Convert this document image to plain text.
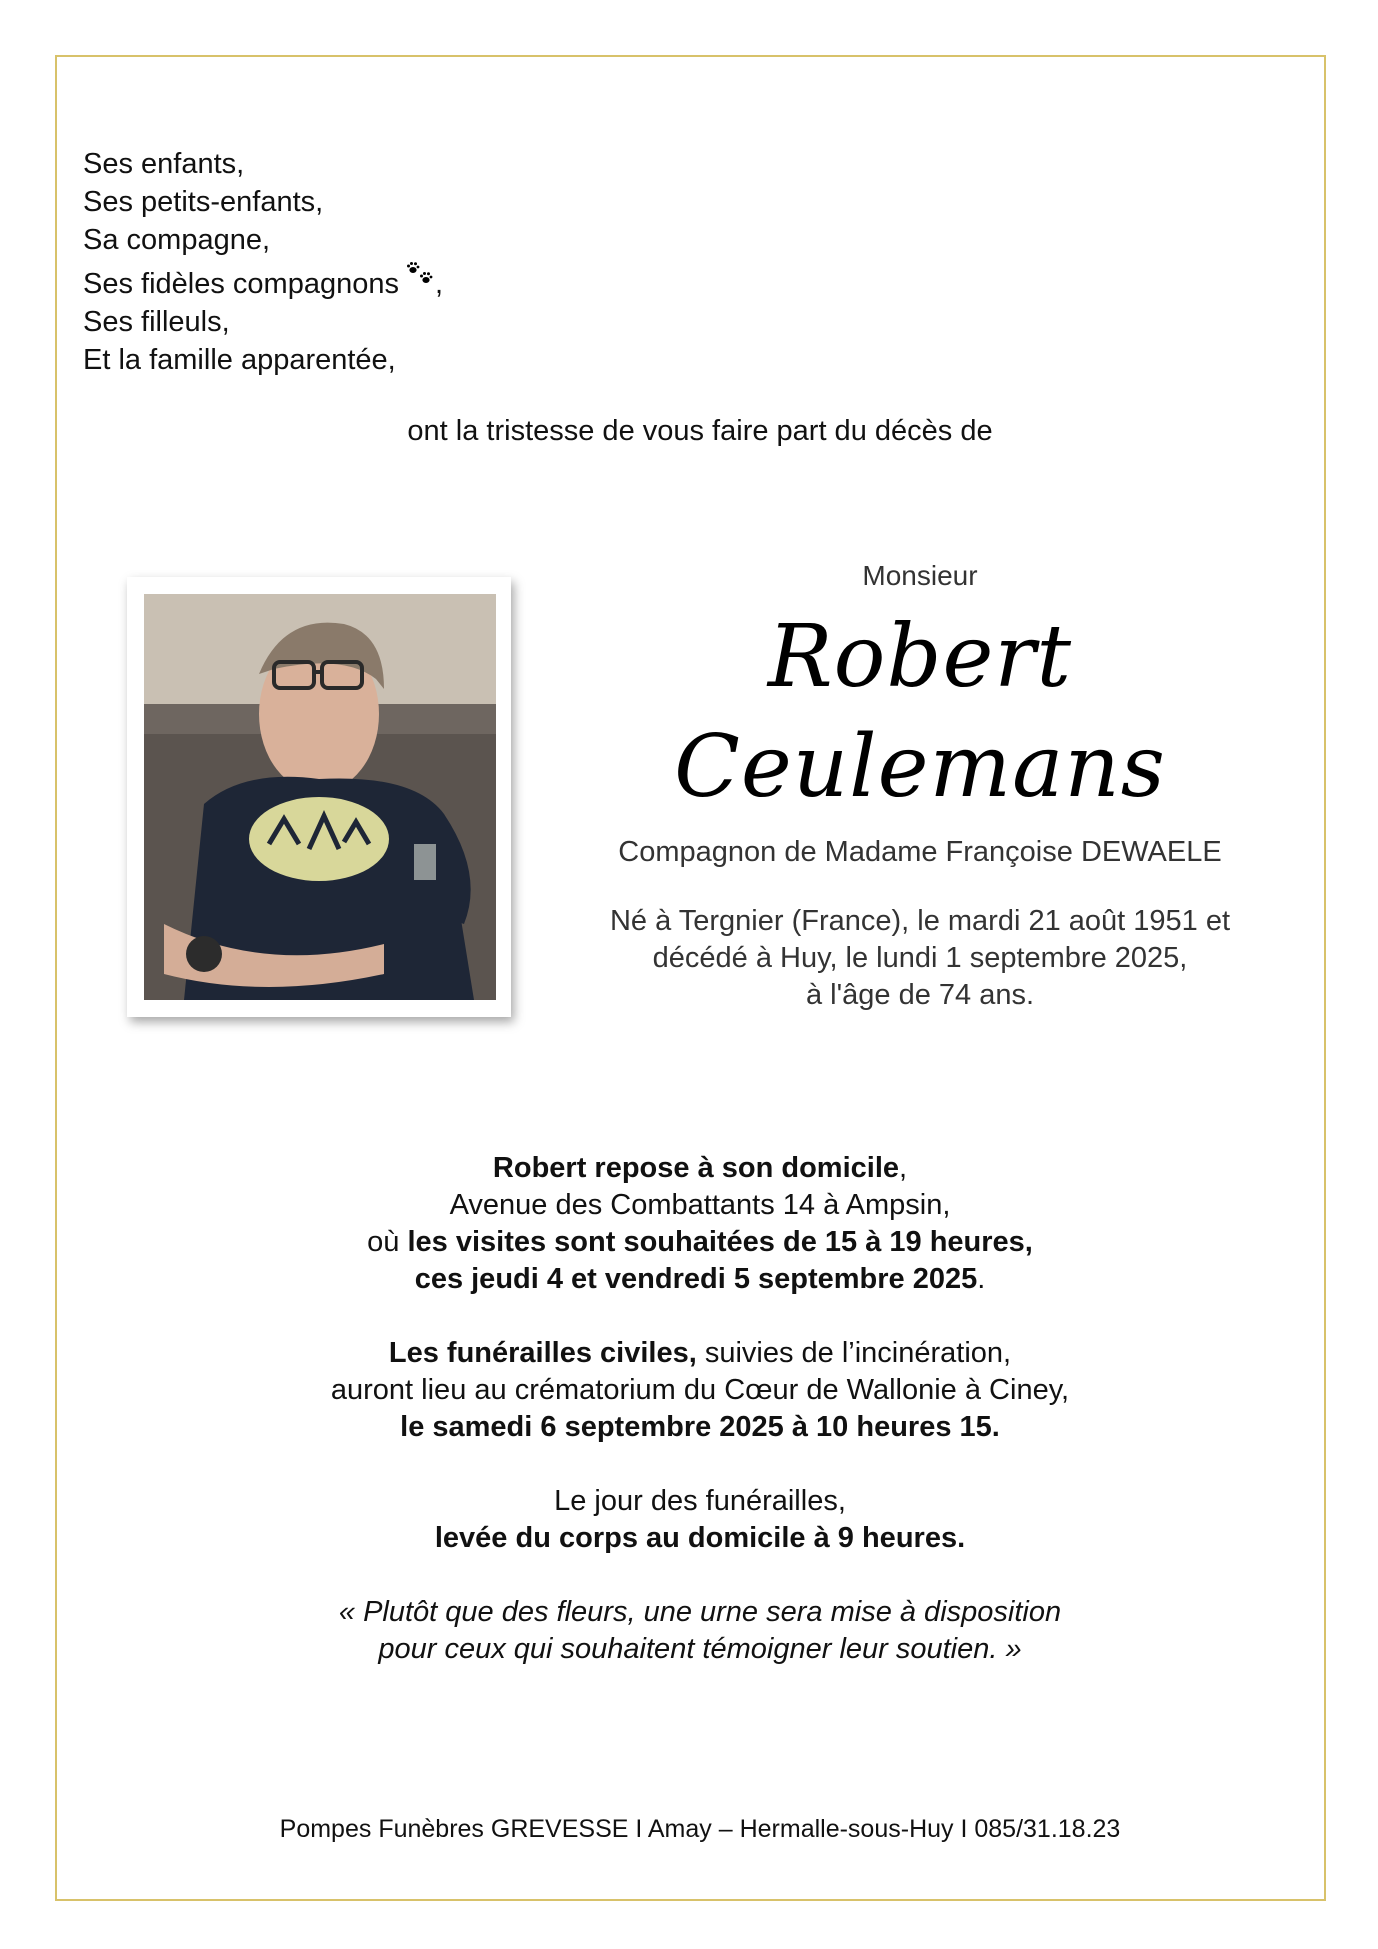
Ses enfants,
Ses petits-enfants,
Sa compagne,
Ses fidèles compagnons ,
Ses filleuls,
Et la famille apparentée,
ont la tristesse de vous faire part du décès de
Monsieur
Robert Ceulemans
Compagnon de Madame Françoise DEWAELE
Né à Tergnier (France), le mardi 21 août 1951 et
décédé à Huy, le lundi 1 septembre 2025,
à l'âge de 74 ans.
Robert repose à son domicile,
Avenue des Combattants 14 à Ampsin,
où les visites sont souhaitées de 15 à 19 heures,
ces jeudi 4 et vendredi 5 septembre 2025.
Les funérailles civiles, suivies de l’incinération,
auront lieu au crématorium du Cœur de Wallonie à Ciney,
le samedi 6 septembre 2025 à 10 heures 15.
Le jour des funérailles,
levée du corps au domicile à 9 heures.
« Plutôt que des fleurs, une urne sera mise à disposition
pour ceux qui souhaitent témoigner leur soutien. »
Pompes Funèbres GREVESSE I Amay – Hermalle-sous-Huy I 085/31.18.23
